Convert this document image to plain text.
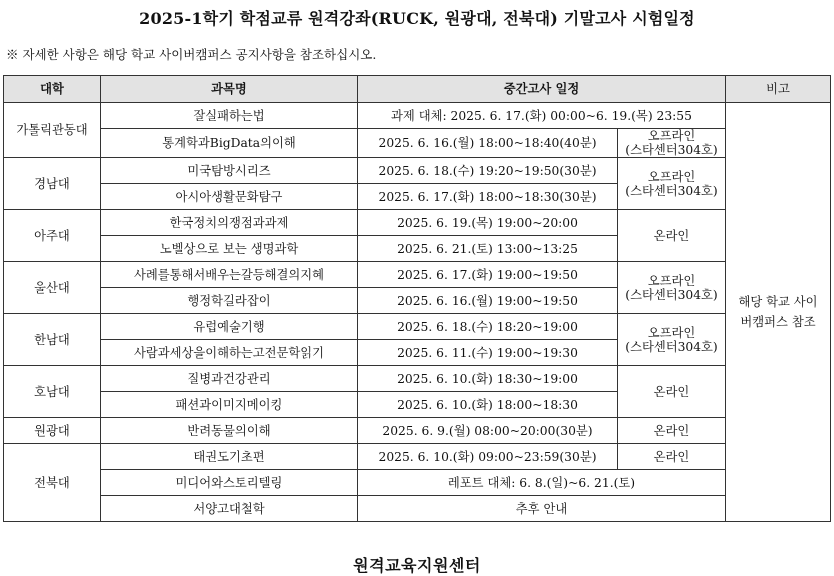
2025-1학기 학점교류 원격강좌(RUCK, 원광대, 전북대) 기말고사 시험일정
※ 자세한 사항은 해당 학교 사이버캠퍼스 공지사항을 참조하십시오.
대학	과목명	중간고사 일정		비고
가톨릭관동대	잘실패하는법	과제 대체: 2025. 6. 17.(화) 00:00~6. 19.(목) 23:55		해당 학교 사이버캠퍼스 참조
	통계학과BigData의이해	2025. 6. 16.(월) 18:00~18:40(40분)	오프라인
(스타센터304호)	
경남대	미국탐방시리즈	2025. 6. 18.(수) 19:20~19:50(30분)	오프라인
(스타센터304호)	
	아시아생활문화탐구	2025. 6. 17.(화) 18:00~18:30(30분)		
아주대	한국정치의쟁점과과제	2025. 6. 19.(목) 19:00~20:00	온라인	
	노벨상으로 보는 생명과학	2025. 6. 21.(토) 13:00~13:25		
울산대	사례를통해서배우는갈등해결의지혜	2025. 6. 17.(화) 19:00~19:50	오프라인
(스타센터304호)	
	행정학길라잡이	2025. 6. 16.(월) 19:00~19:50		
한남대	유럽예술기행	2025. 6. 18.(수) 18:20~19:00	오프라인
(스타센터304호)	
	사람과세상을이해하는고전문학읽기	2025. 6. 11.(수) 19:00~19:30		
호남대	질병과건강관리	2025. 6. 10.(화) 18:30~19:00	온라인	
	패션과이미지메이킹	2025. 6. 10.(화) 18:00~18:30		
원광대	반려동물의이해	2025. 6. 9.(월) 08:00~20:00(30분)	온라인	
전북대	태권도기초편	2025. 6. 10.(화) 09:00~23:59(30분)	온라인	
	미디어와스토리텔링	레포트 대체: 6. 8.(일)~6. 21.(토)		
	서양고대철학	추후 안내		
원격교육지원센터
